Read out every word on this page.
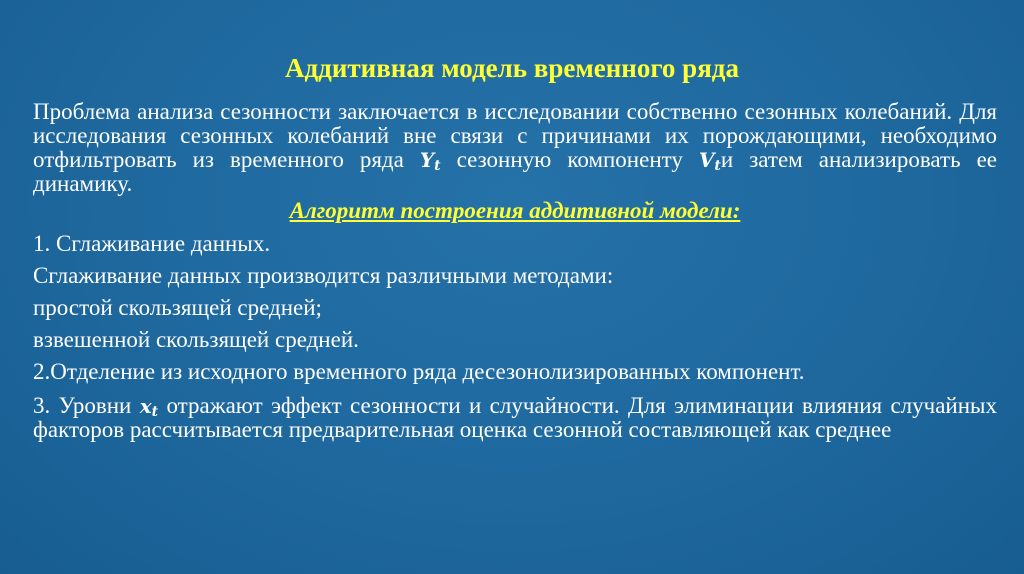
Аддитивная модель временного ряда

Проблема анализа сезонности заключается в исследовании собственно сезонных колебаний. Для исследования сезонных колебаний вне связи с причинами их порождающими, необходимо отфильтровать из временного ряда $Y_t$ сезонную компоненту $V_tи$ затем анализировать ее динамику.

Алгоритм построения аддитивной модели:

1. Сглаживание данных.

Сглаживание данных производится различными методами:

простой скользящей средней;

взвешенной скользящей средней.

2.Отделение из исходного временного ряда десезонолизированных компонент.

3. Уровни $x_t$ отражают эффект сезонности и случайности. Для элиминации влияния случайных факторов рассчитывается предварительная оценка сезонной составляющей как среднее
